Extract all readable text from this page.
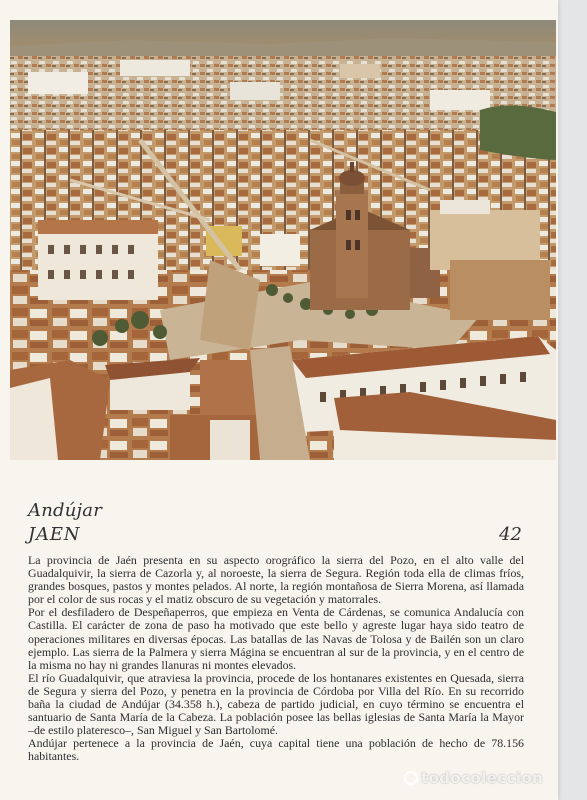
Andújar
JAEN	42

La provincia de Jaén presenta en su aspecto orográfico la sierra del Pozo, en el alto valle del Guadalquivir, la sierra de Cazorla y, al noroeste, la sierra de Segura. Región toda ella de climas fríos, grandes bosques, pastos y montes pelados. Al norte, la región montañosa de Sierra Morena, así llamada por el color de sus rocas y el matiz obscuro de su vegetación y matorrales.

Por el desfiladero de Despeñaperros, que empieza en Venta de Cárdenas, se comunica Andalucía con Castilla. El carácter de zona de paso ha motivado que este bello y agreste lugar haya sido teatro de operaciones militares en diversas épocas. Las batallas de las Navas de Tolosa y de Bailén son un claro ejemplo. Las sierra de la Palmera y sierra Mágina se encuentran al sur de la provincia, y en el centro de la misma no hay ni grandes llanuras ni montes elevados.

El río Guadalquivir, que atraviesa la provincia, procede de los hontanares existentes en Quesada, sierra de Segura y sierra del Pozo, y penetra en la provincia de Córdoba por Villa del Río. En su recorrido baña la ciudad de Andújar (34.358 h.), cabeza de partido judicial, en cuyo término se encuentra el santuario de Santa María de la Cabeza. La población posee las bellas iglesias de Santa María la Mayor –de estilo plateresco–, San Miguel y San Bartolomé.

Andújar pertenece a la provincia de Jaén, cuya capital tiene una población de hecho de 78.156 habitantes.

todocoleccion
